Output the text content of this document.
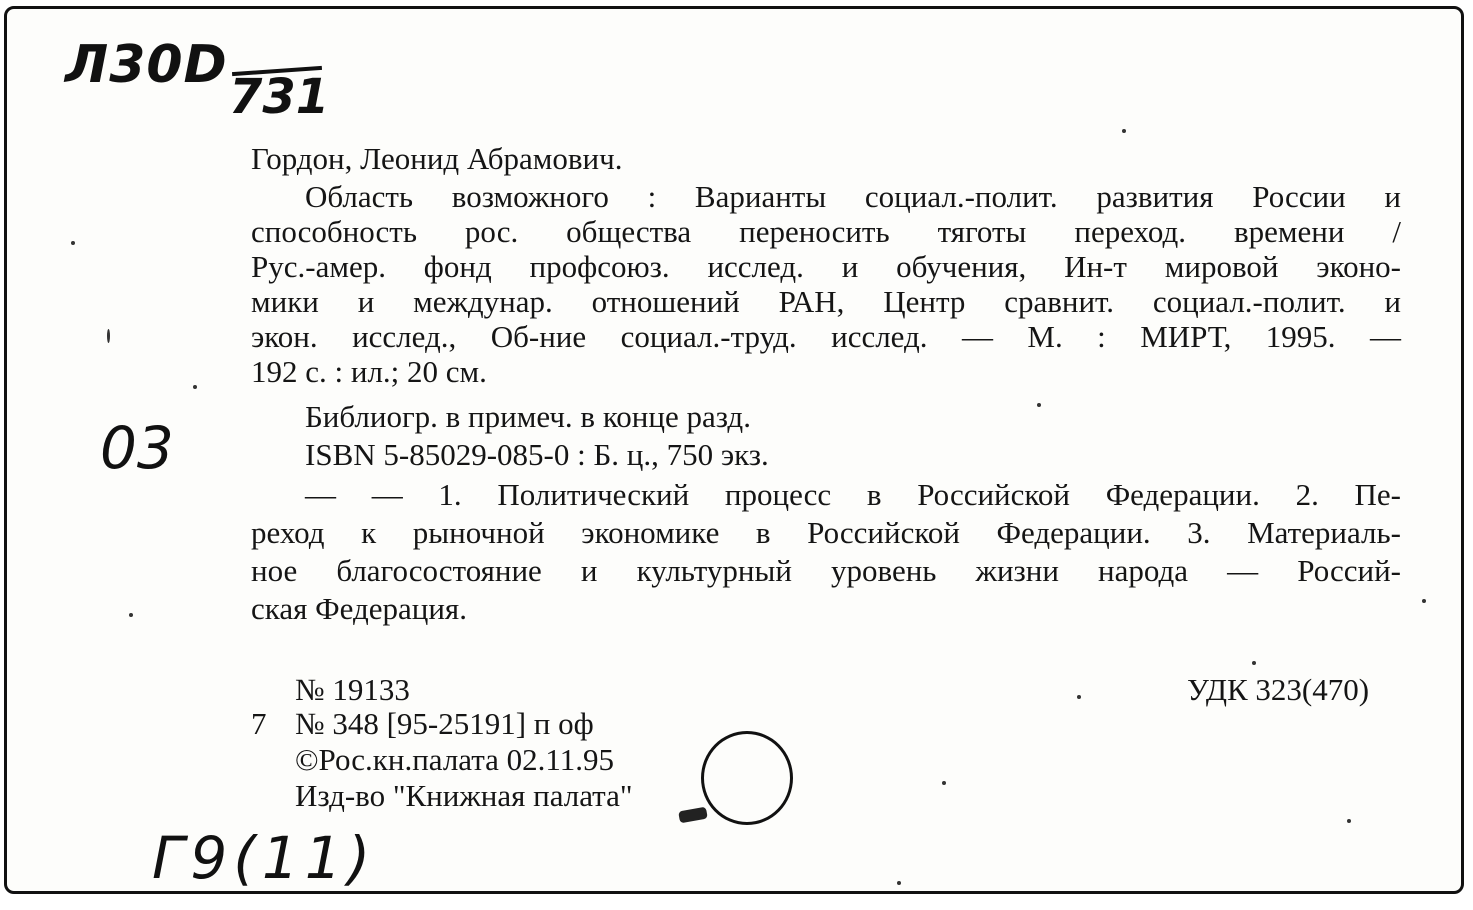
Л30D
731
Гордон, Леонид Абрамович.
Область возможного : Варианты социал.-полит. развития России и
способность рос. общества переносить тяготы переход. времени /
Рус.-амер. фонд профсоюз. исслед. и обучения, Ин-т мировой эконо-
мики и междунар. отношений РАН, Центр сравнит. социал.-полит. и
экон. исслед., Об-ние социал.-труд. исслед. — М. : МИРТ, 1995. —
192 с. : ил.; 20 см.
03	Библиогр. в примеч. в конце разд.
ISBN 5-85029-085-0 : Б. ц., 750 экз.
— — 1. Политический процесс в Российской Федерации. 2. Пе-
реход к рыночной экономике в Российской Федерации. 3. Материаль-
ное благосостояние и культурный уровень жизни народа — Россий-
ская Федерация.
№ 19133	УДК 323(470)
7 № 348 [95-25191] п оф
©Рос.кн.палата 02.11.95
Изд-во "Книжная палата"
Г9(11)
